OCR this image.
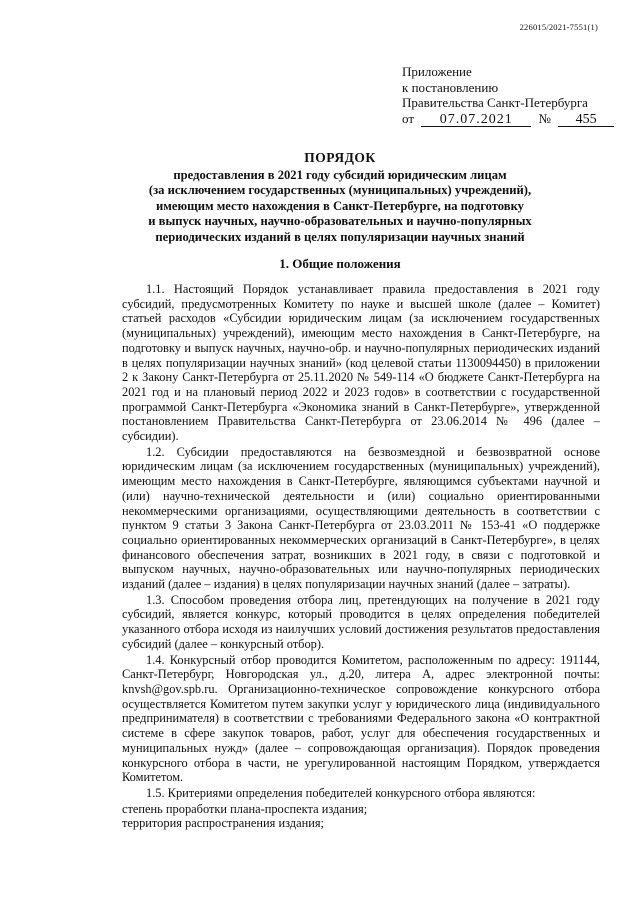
226015/2021-7551(1)
Приложение
к постановлению
Правительства Санкт-Петербурга
от 07.07.2021 № 455
ПОРЯДОК
предоставления в 2021 году субсидий юридическим лицам
(за исключением государственных (муниципальных) учреждений),
имеющим место нахождения в Санкт-Петербурге, на подготовку
и выпуск научных, научно-образовательных и научно-популярных
периодических изданий в целях популяризации научных знаний
1. Общие положения

1.1. Настоящий Порядок устанавливает правила предоставления в 2021 году субсидий, предусмотренных Комитету по науке и высшей школе (далее – Комитет) статьей расходов «Субсидии юридическим лицам (за исключением государственных (муниципальных) учреждений), имеющим место нахождения в Санкт-Петербурге, на подготовку и выпуск научных, научно-обр. и научно-популярных периодических изданий в целях популяризации научных знаний» (код целевой статьи 1130094450) в приложении 2 к Закону Санкт-Петербурга от 25.11.2020 № 549-114 «О бюджете Санкт-Петербурга на 2021 год и на плановый период 2022 и 2023 годов» в соответствии с государственной программой Санкт-Петербурга «Экономика знаний в Санкт-Петербурге», утвержденной постановлением Правительства Санкт-Петербурга от 23.06.2014 № 496 (далее – субсидии).

1.2. Субсидии предоставляются на безвозмездной и безвозвратной основе юридическим лицам (за исключением государственных (муниципальных) учреждений), имеющим место нахождения в Санкт-Петербурге, являющимся субъектами научной и (или) научно-технической деятельности и (или) социально ориентированными некоммерческими организациями, осуществляющими деятельность в соответствии с пунктом 9 статьи 3 Закона Санкт-Петербурга от 23.03.2011 № 153-41 «О поддержке социально ориентированных некоммерческих организаций в Санкт-Петербурге», в целях финансового обеспечения затрат, возникших в 2021 году, в связи с подготовкой и выпуском научных, научно-образовательных или научно-популярных периодических изданий (далее – издания) в целях популяризации научных знаний (далее – затраты).

1.3. Способом проведения отбора лиц, претендующих на получение в 2021 году субсидий, является конкурс, который проводится в целях определения победителей указанного отбора исходя из наилучших условий достижения результатов предоставления субсидий (далее – конкурсный отбор).

1.4. Конкурсный отбор проводится Комитетом, расположенным по адресу: 191144, Санкт-Петербург, Новгородская ул., д.20, литера А, адрес электронной почты: knvsh@gov.spb.ru. Организационно-техническое сопровождение конкурсного отбора осуществляется Комитетом путем закупки услуг у юридического лица (индивидуального предпринимателя) в соответствии с требованиями Федерального закона «О контрактной системе в сфере закупок товаров, работ, услуг для обеспечения государственных и муниципальных нужд» (далее – сопровождающая организация). Порядок проведения конкурсного отбора в части, не урегулированной настоящим Порядком, утверждается Комитетом.

1.5. Критериями определения победителей конкурсного отбора являются:

степень проработки плана-проспекта издания;

территория распространения издания;
